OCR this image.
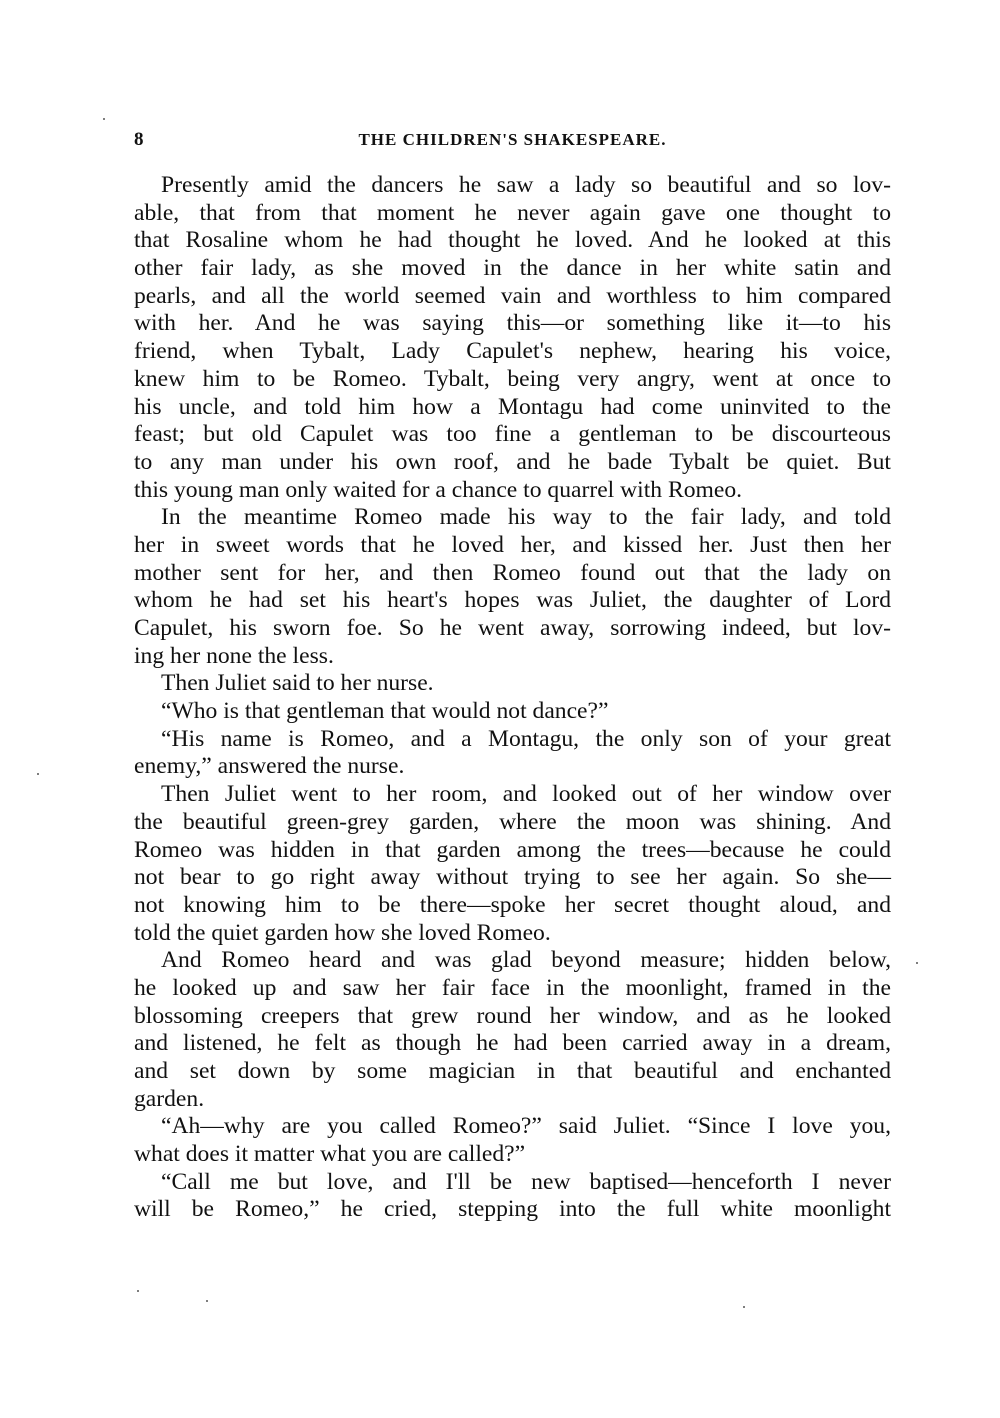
8	THE CHILDREN'S SHAKESPEARE.
Presently amid the dancers he saw a lady so beautiful and so lov-
able, that from that moment he never again gave one thought to
that Rosaline whom he had thought he loved. And he looked at this
other fair lady, as she moved in the dance in her white satin and
pearls, and all the world seemed vain and worthless to him compared
with her. And he was saying this—or something like it—to his
friend, when Tybalt, Lady Capulet's nephew, hearing his voice,
knew him to be Romeo. Tybalt, being very angry, went at once to
his uncle, and told him how a Montagu had come uninvited to the
feast; but old Capulet was too fine a gentleman to be discourteous
to any man under his own roof, and he bade Tybalt be quiet. But
this young man only waited for a chance to quarrel with Romeo.
In the meantime Romeo made his way to the fair lady, and told
her in sweet words that he loved her, and kissed her. Just then her
mother sent for her, and then Romeo found out that the lady on
whom he had set his heart's hopes was Juliet, the daughter of Lord
Capulet, his sworn foe. So he went away, sorrowing indeed, but lov-
ing her none the less.
Then Juliet said to her nurse.
“Who is that gentleman that would not dance?”
“His name is Romeo, and a Montagu, the only son of your great
enemy,” answered the nurse.
Then Juliet went to her room, and looked out of her window over
the beautiful green-grey garden, where the moon was shining. And
Romeo was hidden in that garden among the trees—because he could
not bear to go right away without trying to see her again. So she—
not knowing him to be there—spoke her secret thought aloud, and
told the quiet garden how she loved Romeo.
And Romeo heard and was glad beyond measure; hidden below,
he looked up and saw her fair face in the moonlight, framed in the
blossoming creepers that grew round her window, and as he looked
and listened, he felt as though he had been carried away in a dream,
and set down by some magician in that beautiful and enchanted
garden.
“Ah—why are you called Romeo?” said Juliet. “Since I love you,
what does it matter what you are called?”
“Call me but love, and I'll be new baptised—henceforth I never
will be Romeo,” he cried, stepping into the full white moonlight
